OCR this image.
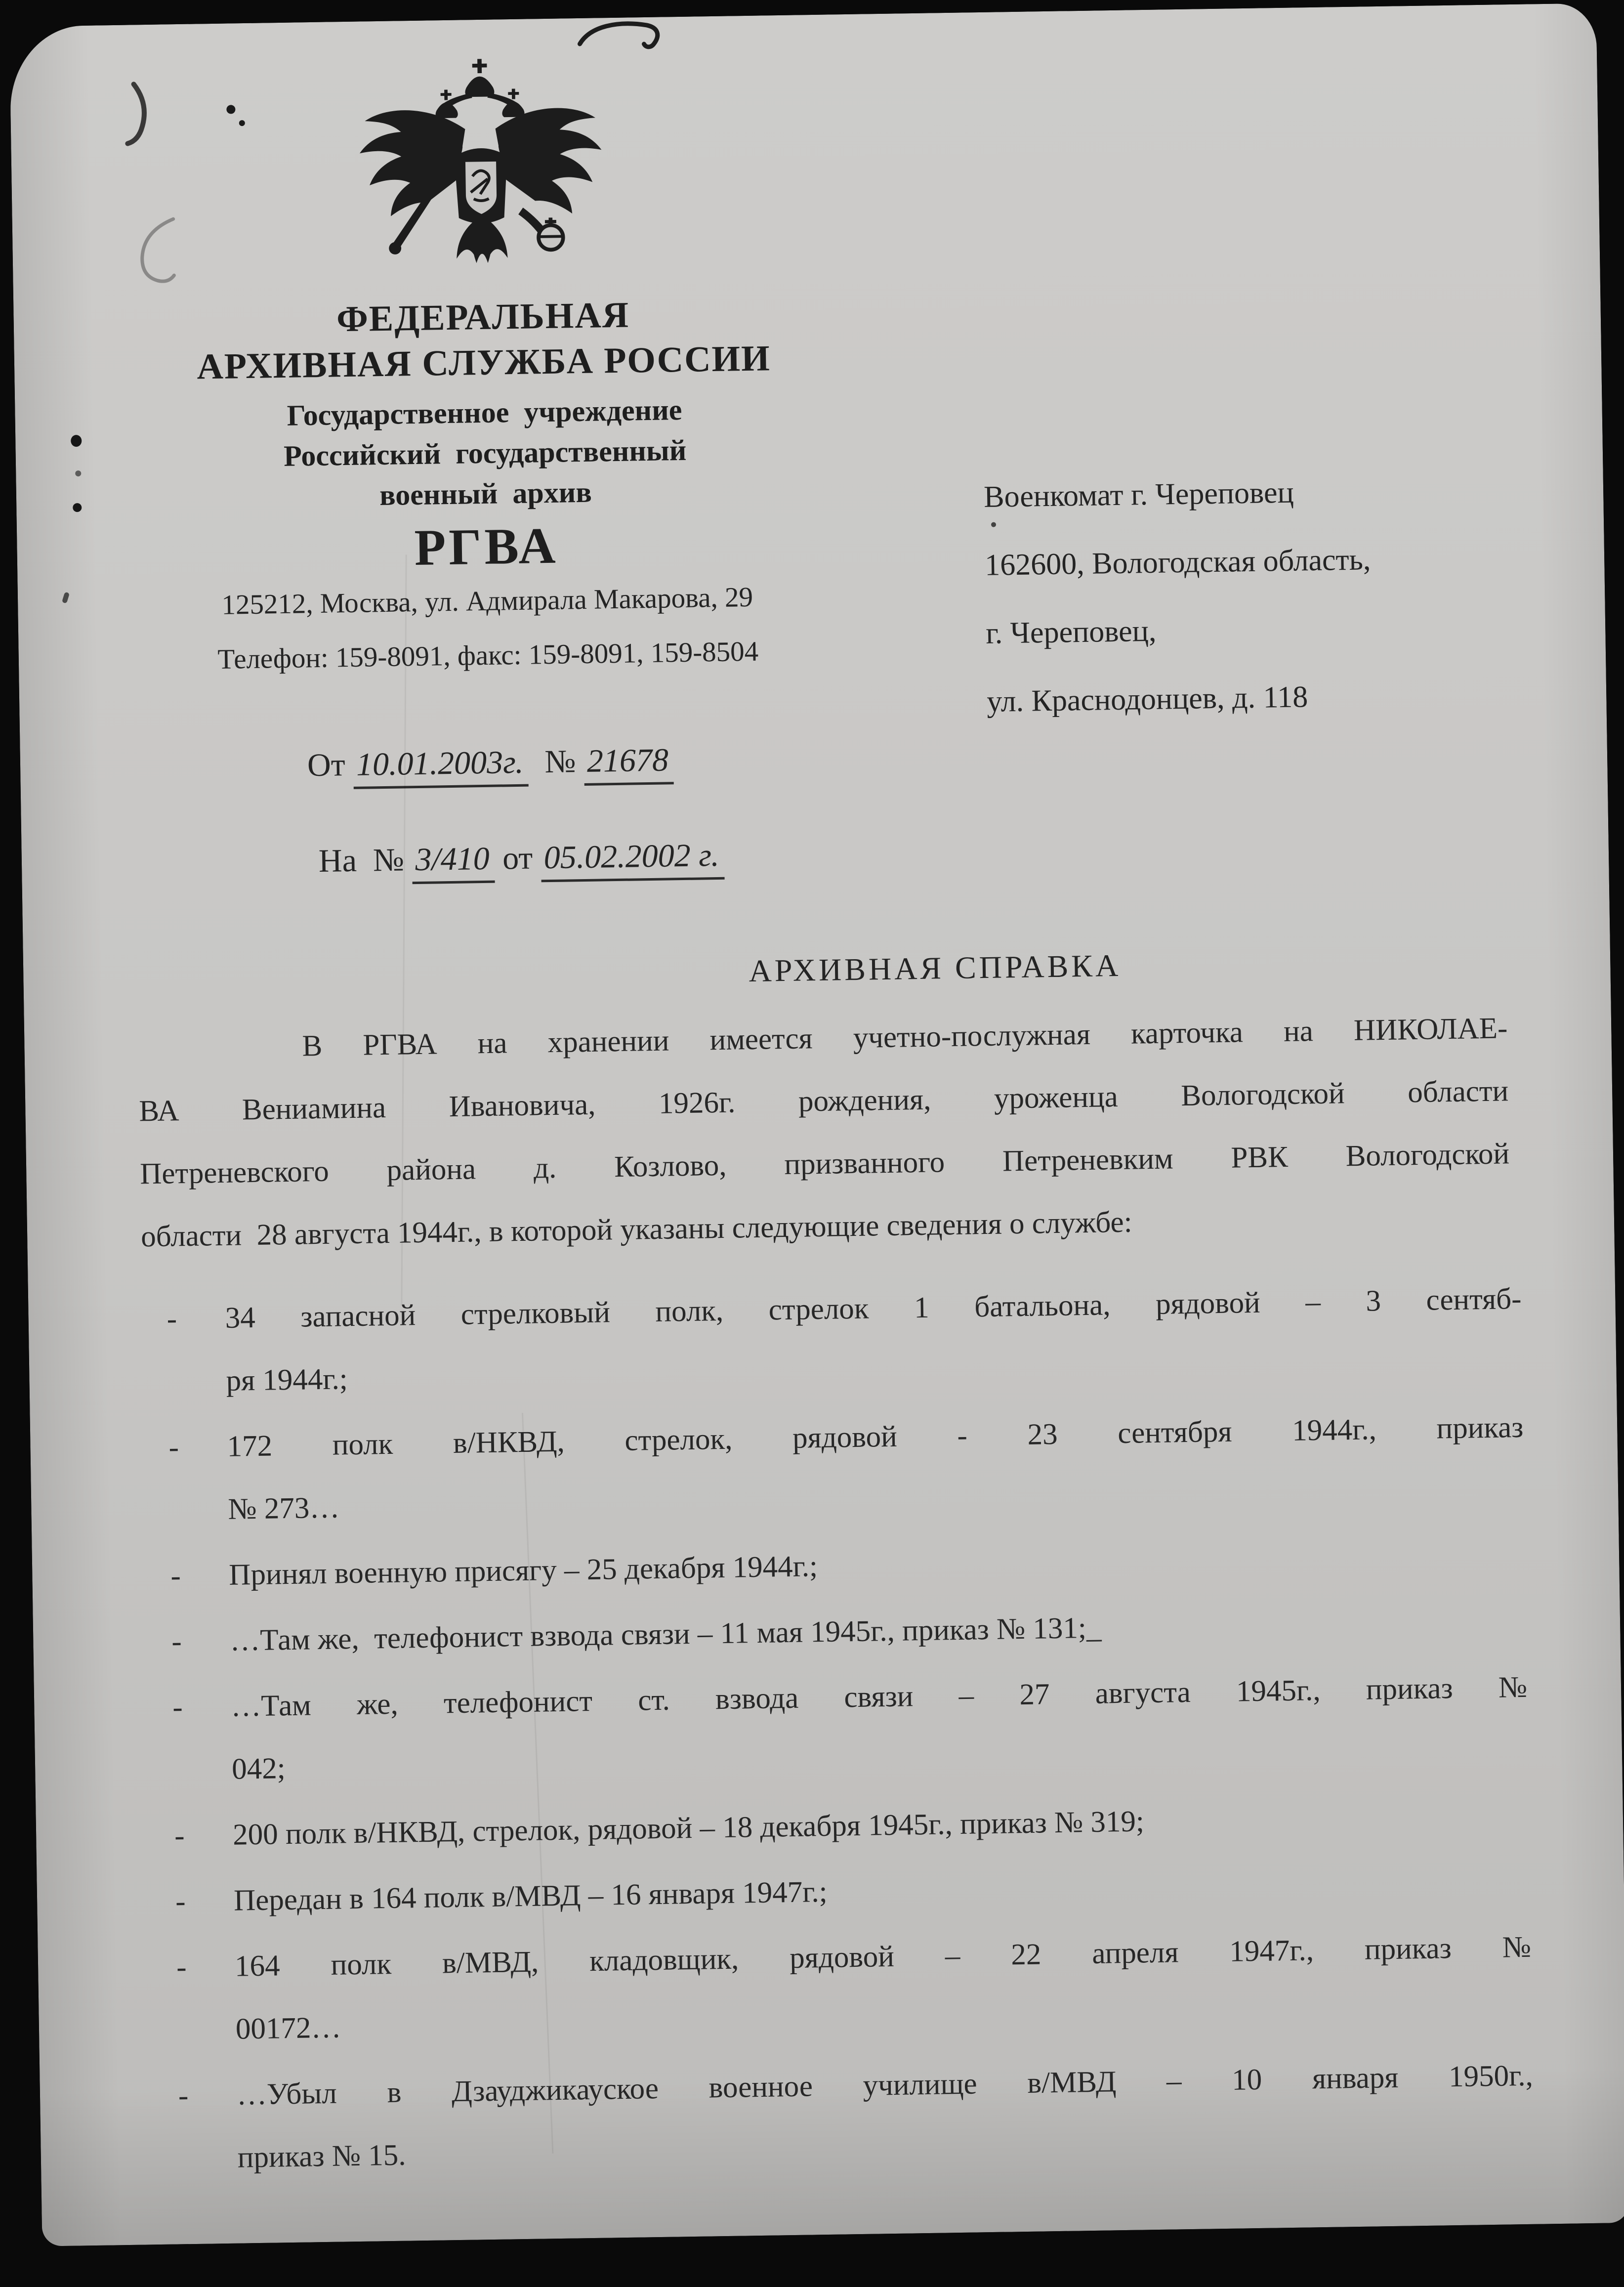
ФЕДЕРАЛЬНАЯ
АРХИВНАЯ СЛУЖБА РОССИИ
Государственное  учреждение
Российский  государственный
военный  архив
РГВА
125212, Москва, ул. Адмирала Макарова, 29
Телефон: 159-8091, факс: 159-8091, 159-8504

От 10.01.2003г.  № 21678

На  № 3/410 от 05.02.2002 г.

Военкомат г. Череповец
162600, Вологодская область,
г. Череповец,
ул. Краснодонцев, д. 118
АРХИВНАЯ СПРАВКА
В РГВА на хранении имеется учетно-послужная карточка на НИКОЛАЕ-
ВА Вениамина Ивановича, 1926г. рождения, уроженца Вологодской области
Петреневского района д. Козлово, призванного Петреневким РВК Вологодской
области  28 августа 1944г., в которой указаны следующие сведения о службе:
-	34 запасной стрелковый полк, стрелок 1 батальона, рядовой – 3 сентяб-
ря 1944г.;
-	172 полк в/НКВД, стрелок, рядовой - 23 сентября 1944г., приказ
№ 273…
-	Принял военную присягу – 25 декабря 1944г.;
-	…Там же,  телефонист взвода связи – 11 мая 1945г., приказ № 131;_
-	…Там же, телефонист ст. взвода связи – 27 августа 1945г., приказ №
042;
-	200 полк в/НКВД, стрелок, рядовой – 18 декабря 1945г., приказ № 319;
-	Передан в 164 полк в/МВД – 16 января 1947г.;
-	164 полк в/МВД, кладовщик, рядовой – 22 апреля 1947г., приказ №
00172…
-	…Убыл в Дзауджикауское военное училище в/МВД – 10 января 1950г.,
приказ № 15.
